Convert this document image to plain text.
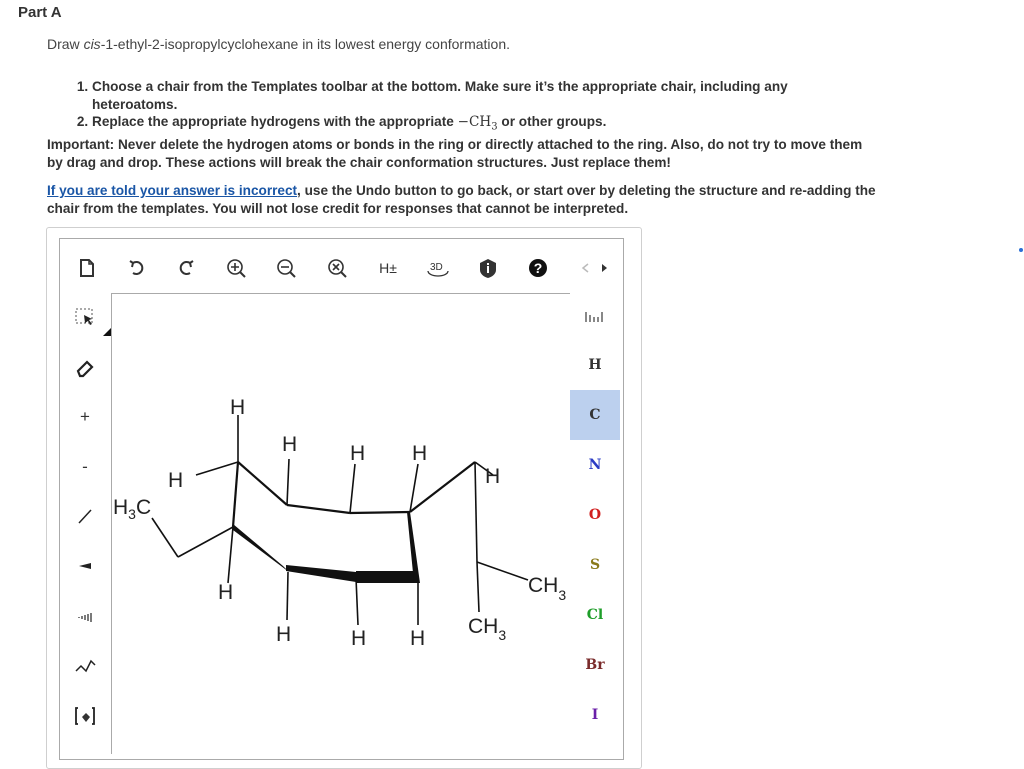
Part A
Draw cis-1-ethyl-2-isopropylcyclohexane in its lowest energy conformation.
1. Choose a chair from the Templates toolbar at the bottom. Make sure it’s the appropriate chair, including any heteroatoms.
2. Replace the appropriate hydrogens with the appropriate $-CH_3$ or other groups.

Important: Never delete the hydrogen atoms or bonds in the ring or directly attached to the ring. Also, do not try to move them by drag and drop. These actions will break the chair conformation structures. Just replace them!

If you are told your answer is incorrect, use the Undo button to go back, or start over by deleting the structure and re-adding the chair from the templates. You will not lose credit for responses that cannot be interpreted.
H±	3D	?
+
-
H
H
H	H H
H
H
H	H H
$H_3C$
$CH_3$
$CH_3$
H
C
N
O
S
Cl
Br
I
